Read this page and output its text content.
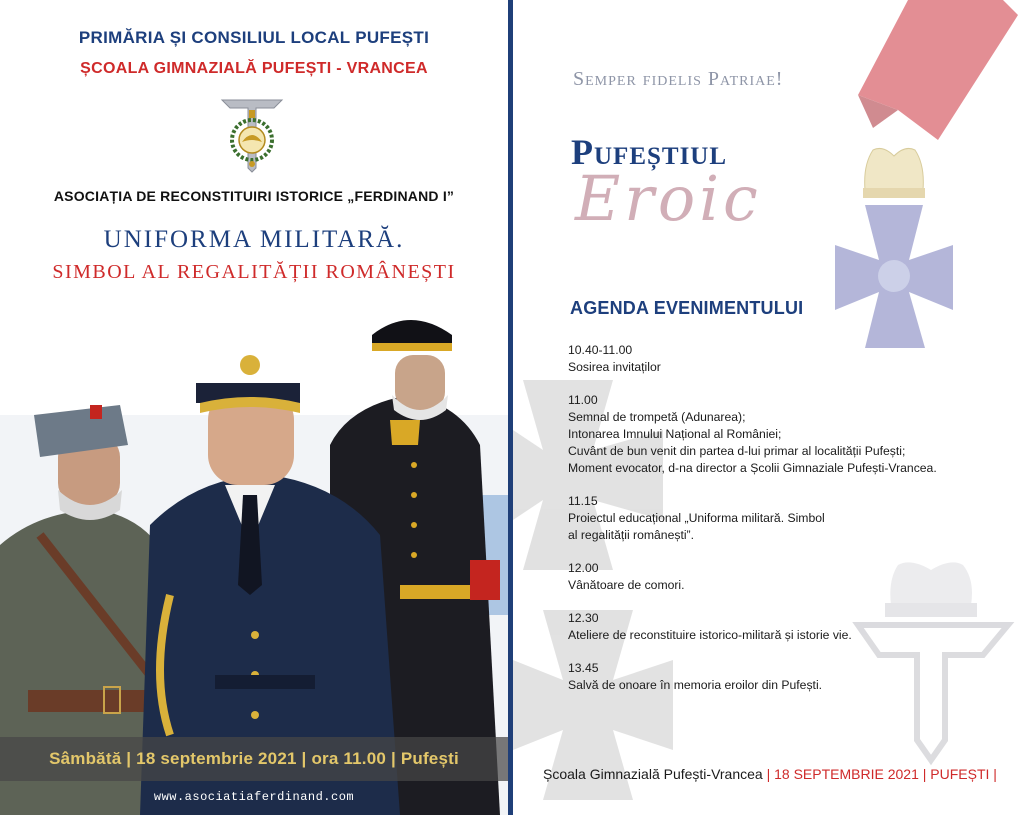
PRIMĂRIA ȘI CONSILIUL LOCAL PUFEȘTI
ȘCOALA GIMNAZIALĂ PUFEȘTI - VRANCEA
ASOCIAȚIA DE RECONSTITUIRI ISTORICE „FERDINAND I”
UNIFORMA MILITARĂ.
SIMBOL AL REGALITĂȚII ROMÂNEȘTI
Sâmbătă | 18 septembrie 2021 | ora 11.00 | Pufești
www.asociatiaferdinand.com
Semper fidelis Patriae!
Pufeștiul
Eroic
AGENDA EVENIMENTULUI
10.40-11.00
Sosirea invitaților
11.00
Semnal de trompetă (Adunarea);
Intonarea Imnului Național al României;
Cuvânt de bun venit din partea d-lui primar al localității Pufești;
Moment evocator, d-na director a Școlii Gimnaziale Pufești-Vrancea.
11.15
Proiectul educațional „Uniforma militară. Simbol
al regalității românești”.
12.00
Vânătoare de comori.
12.30
Ateliere de reconstituire istorico-militară și istorie vie.
13.45
Salvă de onoare în memoria eroilor din Pufești.
Școala Gimnazială Pufești-Vrancea | 18 SEPTEMBRIE 2021 | PUFEȘTI |
